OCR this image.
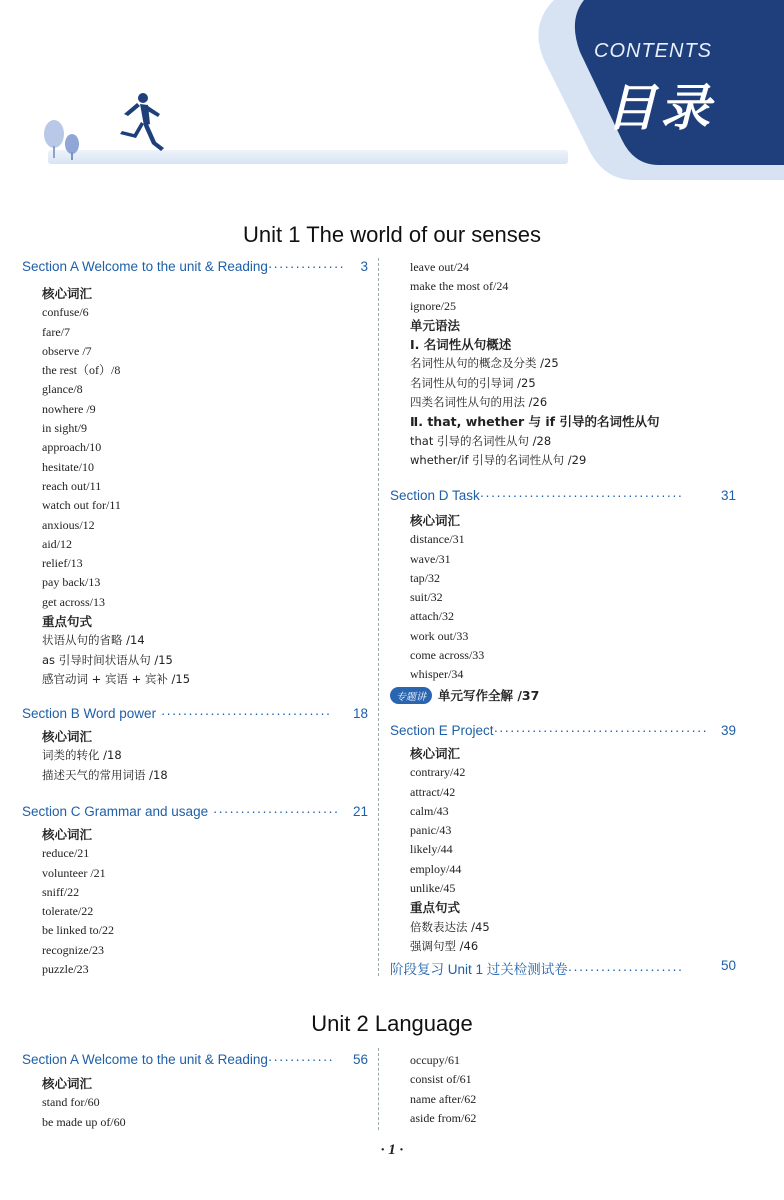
CONTENTS
目录
Unit 1 The world of our senses
Section A Welcome to the unit & Reading·············· 3
核心词汇
confuse/6
fare/7
observe /7
the rest（of）/8
glance/8
nowhere /9
in sight/9
approach/10
hesitate/10
reach out/11
watch out for/11
anxious/12
aid/12
relief/13
pay back/13
get across/13
重点句式
状语从句的省略 /14
as 引导时间状语从句 /15
感官动词 + 宾语 + 宾补 /15
Section B Word power ······························· 18
核心词汇
词类的转化 /18
描述天气的常用词语 /18
Section C Grammar and usage ······················· 21
核心词汇
reduce/21
volunteer /21
sniff/22
tolerate/22
be linked to/22
recognize/23
puzzle/23
leave out/24
make the most of/24
ignore/25
单元语法
Ⅰ. 名词性从句概述
名词性从句的概念及分类 /25
名词性从句的引导词 /25
四类名词性从句的用法 /26
Ⅱ. that, whether 与 if 引导的名词性从句
that 引导的名词性从句 /28
whether/if 引导的名词性从句 /29
Section D Task·····································	31
核心词汇
distance/31
wave/31
tap/32
suit/32
attach/32
work out/33
come across/33
whisper/34
专题讲 单元写作全解 /37
Section E Project······································· 39
核心词汇
contrary/42
attract/42
calm/43
panic/43
likely/44
employ/44
unlike/45
重点句式
倍数表达法 /45
强调句型 /46
阶段复习 Unit 1 过关检测试卷·····················	50
Unit 2 Language
Section A Welcome to the unit & Reading············ 56
核心词汇
stand for/60
be made up of/60
occupy/61
consist of/61
name after/62
aside from/62
· 1 ·
